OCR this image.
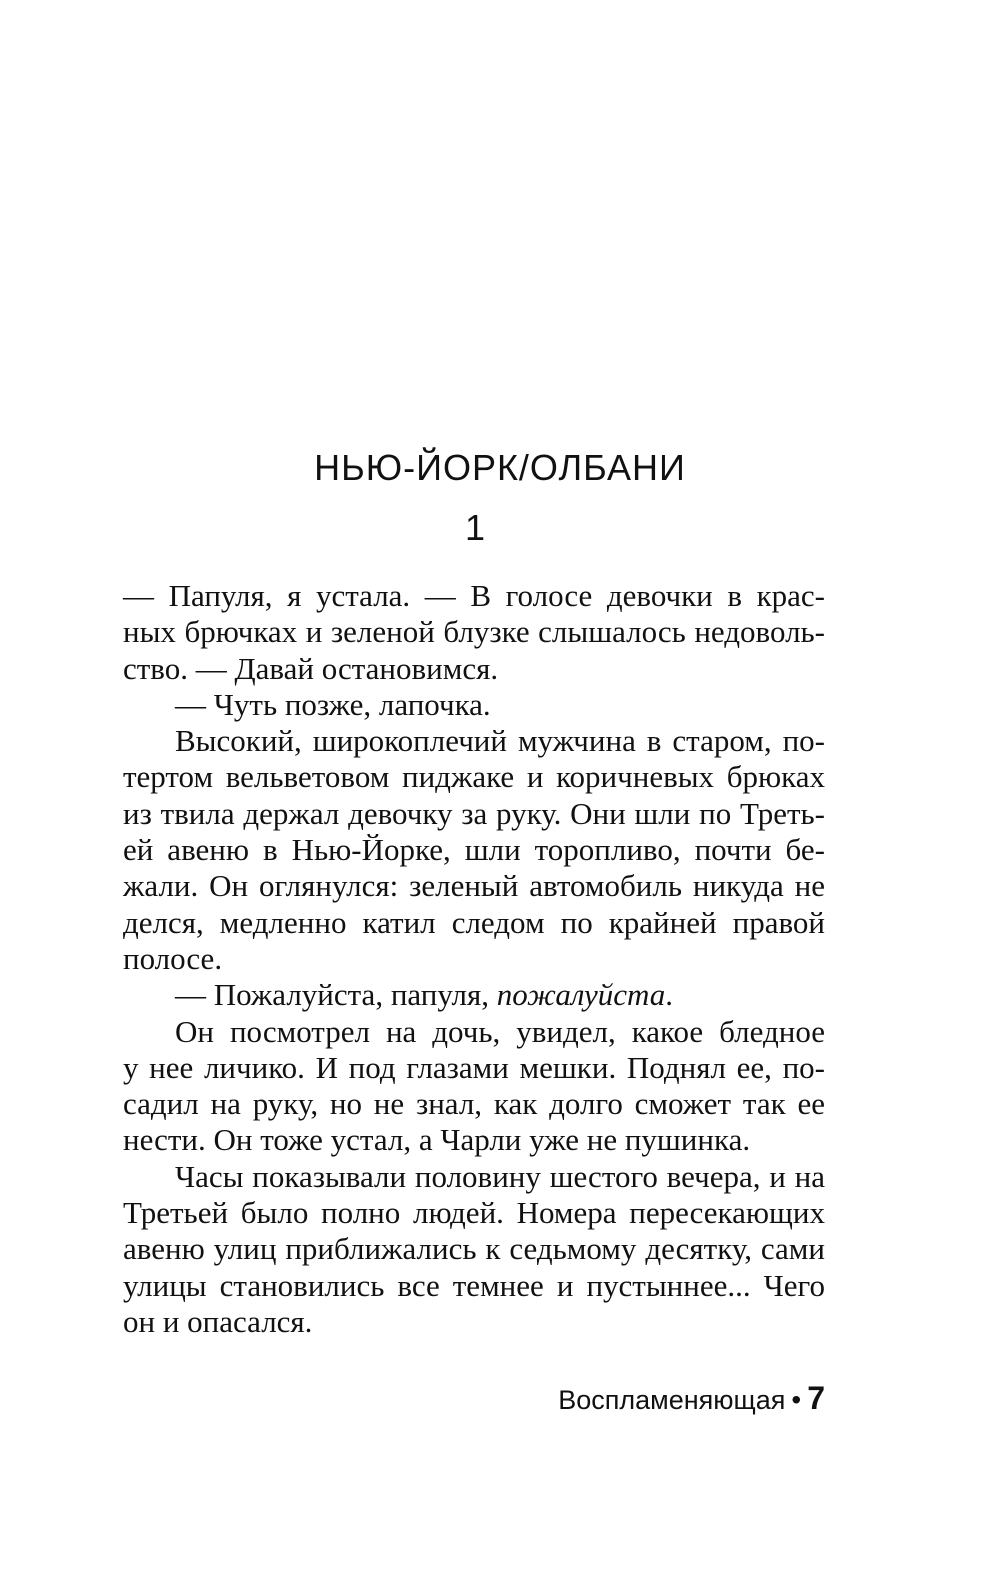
НЬЮ-ЙОРК/ОЛБАНИ
1
— Папуля, я устала. — В голосе девочки в крас-
ных брючках и зеленой блузке слышалось недоволь-
ство. — Давай остановимся.
— Чуть позже, лапочка.
Высокий, широкоплечий мужчина в старом, по-
тертом вельветовом пиджаке и коричневых брюках
из твила держал девочку за руку. Они шли по Треть-
ей авеню в Нью-Йорке, шли торопливо, почти бе-
жали. Он оглянулся: зеленый автомобиль никуда не
делся, медленно катил следом по крайней правой
полосе.
— Пожалуйста, папуля, пожалуйста.
Он посмотрел на дочь, увидел, какое бледное
у нее личико. И под глазами мешки. Поднял ее, по-
садил на руку, но не знал, как долго сможет так ее
нести. Он тоже устал, а Чарли уже не пушинка.
Часы показывали половину шестого вечера, и на
Третьей было полно людей. Номера пересекающих
авеню улиц приближались к седьмому десятку, сами
улицы становились все темнее и пустыннее... Чего
он и опасался.
Воспламеняющая • 7
